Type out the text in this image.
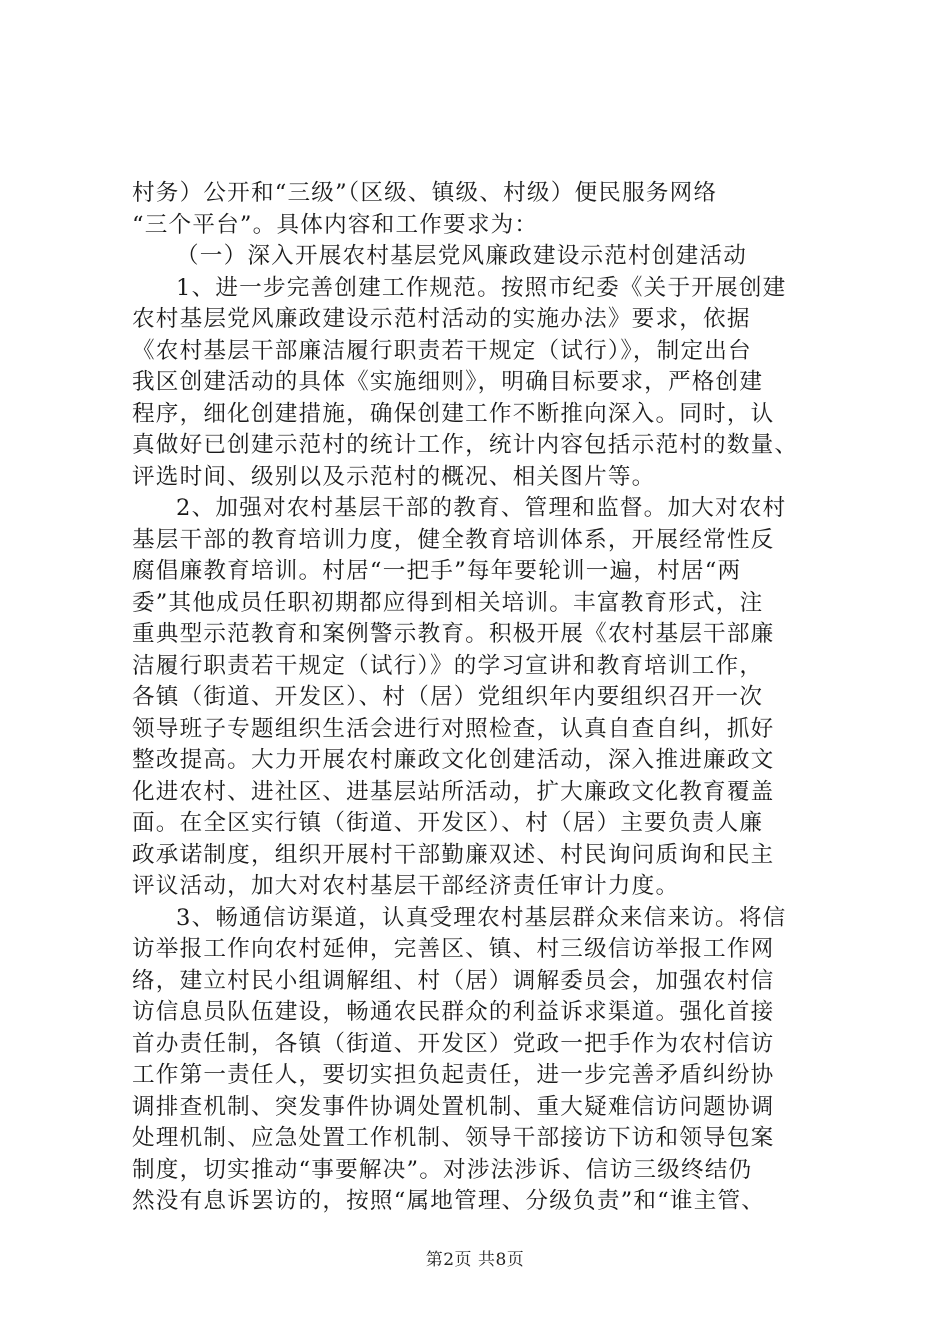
村务）公开和“三级”（区级、镇级、村级）便民服务网络
“三个平台”。具体内容和工作要求为：
（一）深入开展农村基层党风廉政建设示范村创建活动
1、进一步完善创建工作规范。按照市纪委《关于开展创建
农村基层党风廉政建设示范村活动的实施办法》要求，依据
《农村基层干部廉洁履行职责若干规定（试行）》，制定出台
我区创建活动的具体《实施细则》，明确目标要求，严格创建
程序，细化创建措施，确保创建工作不断推向深入。同时，认
真做好已创建示范村的统计工作，统计内容包括示范村的数量、
评选时间、级别以及示范村的概况、相关图片等。
2、加强对农村基层干部的教育、管理和监督。加大对农村
基层干部的教育培训力度，健全教育培训体系，开展经常性反
腐倡廉教育培训。村居“一把手”每年要轮训一遍，村居“两
委”其他成员任职初期都应得到相关培训。丰富教育形式，注
重典型示范教育和案例警示教育。积极开展《农村基层干部廉
洁履行职责若干规定（试行）》的学习宣讲和教育培训工作，
各镇（街道、开发区）、村（居）党组织年内要组织召开一次
领导班子专题组织生活会进行对照检查，认真自查自纠，抓好
整改提高。大力开展农村廉政文化创建活动，深入推进廉政文
化进农村、进社区、进基层站所活动，扩大廉政文化教育覆盖
面。在全区实行镇（街道、开发区）、村（居）主要负责人廉
政承诺制度，组织开展村干部勤廉双述、村民询问质询和民主
评议活动，加大对农村基层干部经济责任审计力度。
3、畅通信访渠道，认真受理农村基层群众来信来访。将信
访举报工作向农村延伸，完善区、镇、村三级信访举报工作网
络，建立村民小组调解组、村（居）调解委员会，加强农村信
访信息员队伍建设，畅通农民群众的利益诉求渠道。强化首接
首办责任制，各镇（街道、开发区）党政一把手作为农村信访
工作第一责任人，要切实担负起责任，进一步完善矛盾纠纷协
调排查机制、突发事件协调处置机制、重大疑难信访问题协调
处理机制、应急处置工作机制、领导干部接访下访和领导包案
制度，切实推动“事要解决”。对涉法涉诉、信访三级终结仍
然没有息诉罢访的，按照“属地管理、分级负责”和“谁主管、
第2页 共8页
